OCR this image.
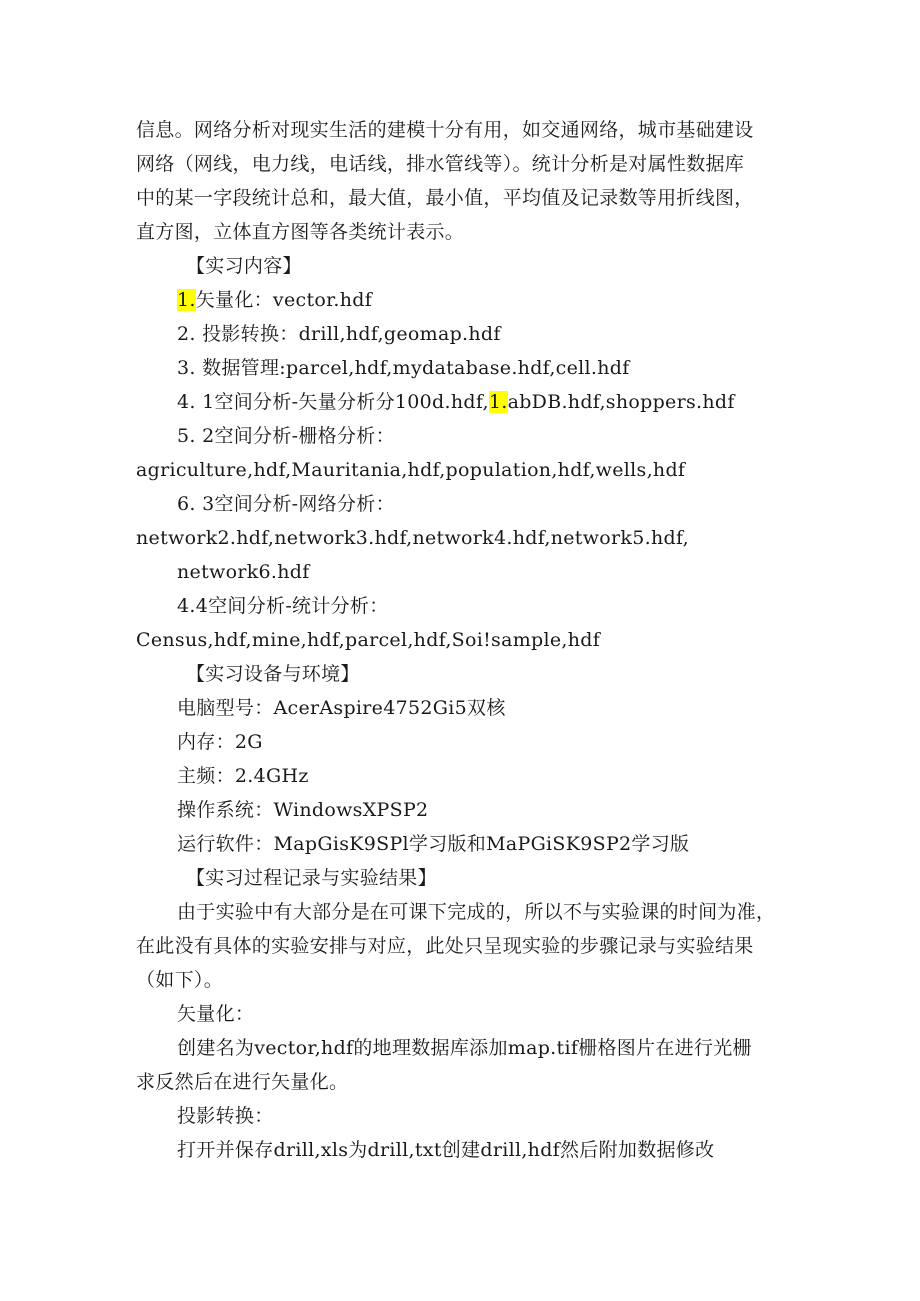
信息。网络分析对现实生活的建模十分有用，如交通网络，城市基础建设
网络（网线，电力线，电话线，排水管线等）。统计分析是对属性数据库
中的某一字段统计总和，最大值，最小值，平均值及记录数等用折线图，
直方图，立体直方图等各类统计表示。
【实习内容】
1.矢量化：vector.hdf
2. 投影转换：drill,hdf,geomap.hdf
3. 数据管理:parcel,hdf,mydatabase.hdf,cell.hdf
4. 1空间分析-矢量分析分100d.hdf,1.abDB.hdf,shoppers.hdf
5. 2空间分析-栅格分析：
agriculture,hdf,Mauritania,hdf,population,hdf,wells,hdf
6. 3空间分析-网络分析：
network2.hdf,network3.hdf,network4.hdf,network5.hdf,
network6.hdf
4.4空间分析-统计分析：
Census,hdf,mine,hdf,parcel,hdf,Soi!sample,hdf
【实习设备与环境】
电脑型号：AcerAspire4752Gi5双核
内存：2G
主频：2.4GHz
操作系统：WindowsXPSP2
运行软件：MapGisK9SPl学习版和MaPGiSK9SP2学习版
【实习过程记录与实验结果】
由于实验中有大部分是在可课下完成的，所以不与实验课的时间为准，
在此没有具体的实验安排与对应，此处只呈现实验的步骤记录与实验结果
（如下）。
矢量化：
创建名为vector,hdf的地理数据库添加map.tif栅格图片在进行光栅
求反然后在进行矢量化。
投影转换：
打开并保存drill,xls为drill,txt创建drill,hdf然后附加数据修改
